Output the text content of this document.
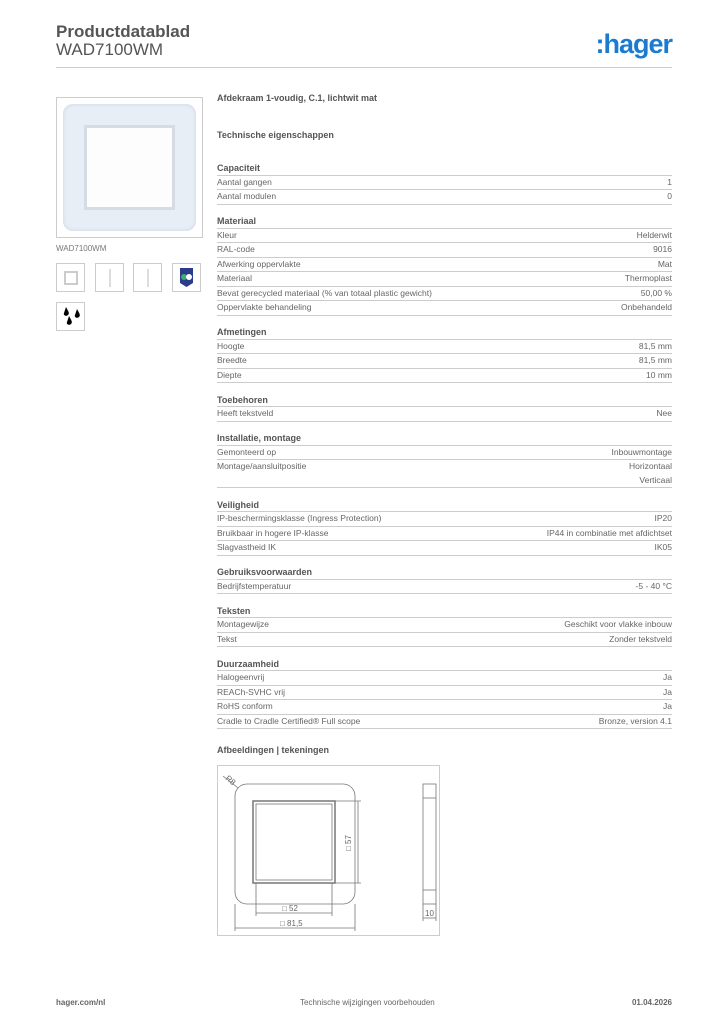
Productdatablad
WAD7100WM	:hager
WAD7100WM
Afdekraam 1-voudig, C.1, lichtwit mat
Technische eigenschappen
Capaciteit
Aantal gangen	1
Aantal modulen	0
Materiaal
Kleur	Helderwit
RAL-code	9016
Afwerking oppervlakte	Mat
Materiaal	Thermoplast
Bevat gerecycled materiaal (% van totaal plastic gewicht)	50,00 %
Oppervlakte behandeling	Onbehandeld
Afmetingen
Hoogte	81,5 mm
Breedte	81,5 mm
Diepte	10 mm
Toebehoren
Heeft tekstveld	Nee
Installatie, montage
Gemonteerd op	Inbouwmontage
Montage/aansluitpositie	Horizontaal
Verticaal
Veiligheid
IP-beschermingsklasse (Ingress Protection)	IP20
Bruikbaar in hogere IP-klasse	IP44 in combinatie met afdichtset
Slagvastheid IK	IK05
Gebruiksvoorwaarden
Bedrijfstemperatuur	-5 - 40 °C
Teksten
Montagewijze	Geschikt voor vlakke inbouw
Tekst	Zonder tekstveld
Duurzaamheid
Halogeenvrij	Ja
REACh-SVHC vrij	Ja
RoHS conform	Ja
Cradle to Cradle Certified® Full scope	Bronze, version 4.1
Afbeeldingen | tekeningen
R8
□ 57
□ 52
□ 81,5
10
hager.com/nl	Technische wijzigingen voorbehouden	01.04.2026
